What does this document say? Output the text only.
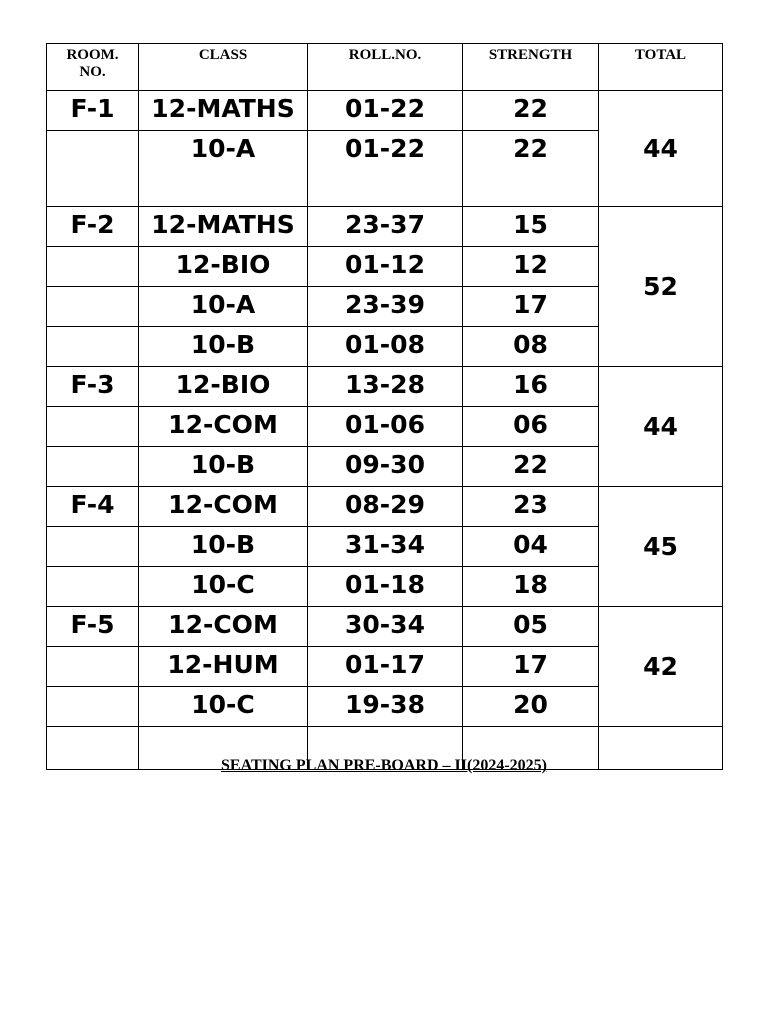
ROOM.
NO.	CLASS	ROLL.NO.	STRENGTH	TOTAL
F-1	12-MATHS	01-22	22	44
	10-A	01-22	22	
F-2	12-MATHS	23-37	15	52
	12-BIO	01-12	12	
	10-A	23-39	17	
	10-B	01-08	08	
F-3	12-BIO	13-28	16	44
	12-COM	01-06	06	
	10-B	09-30	22	
F-4	12-COM	08-29	23	45
	10-B	31-34	04	
	10-C	01-18	18	
F-5	12-COM	30-34	05	42
	12-HUM	01-17	17	
	10-C	19-38	20	

SEATING PLAN PRE-BOARD – II(2024-2025)
